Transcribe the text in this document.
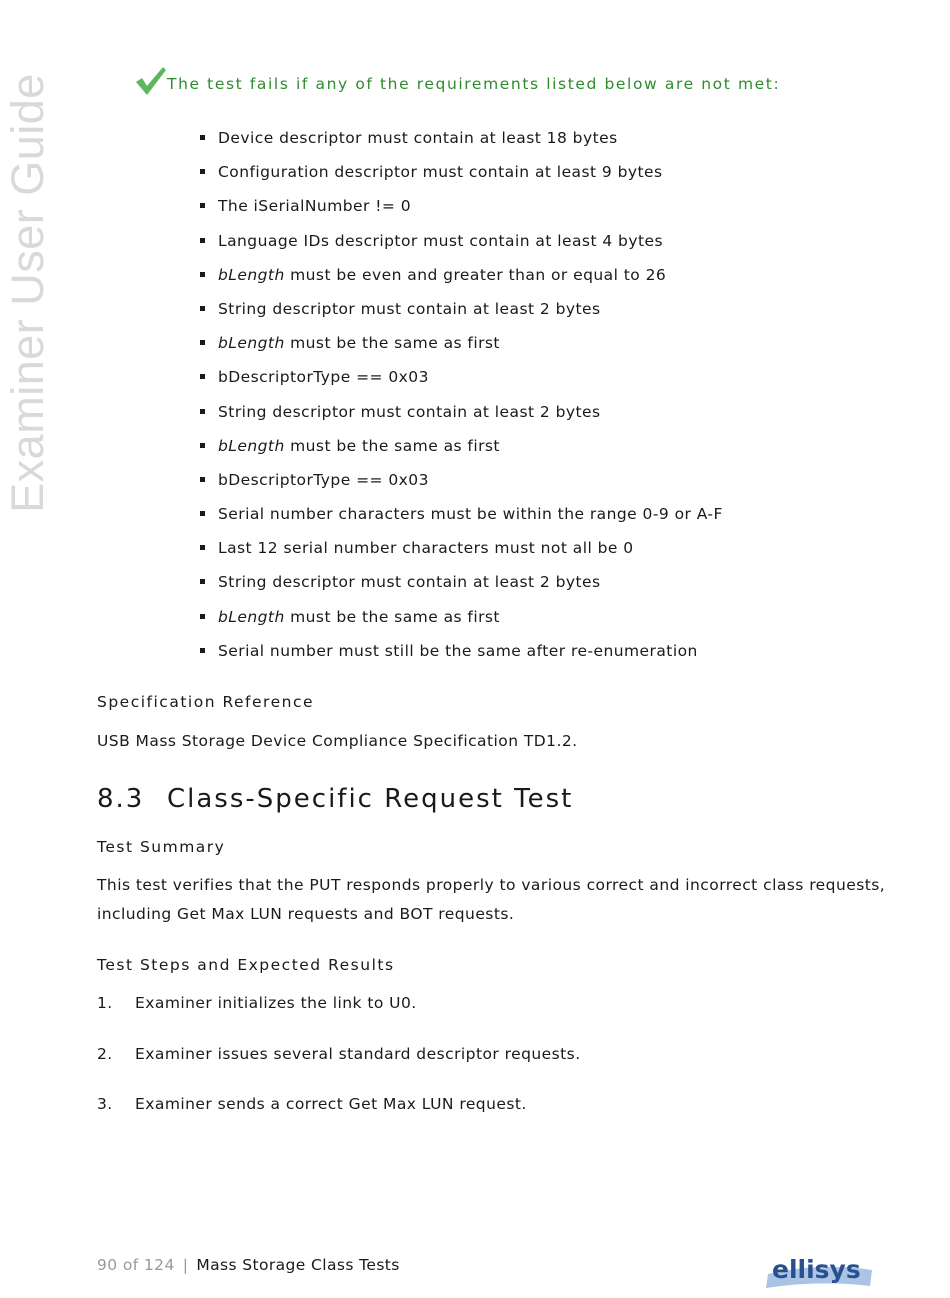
Examiner User Guide	The test fails if any of the requirements listed below are not met:
Device descriptor must contain at least 18 bytes
Configuration descriptor must contain at least 9 bytes
The iSerialNumber != 0
Language IDs descriptor must contain at least 4 bytes
bLength must be even and greater than or equal to 26
String descriptor must contain at least 2 bytes
bLength must be the same as first
bDescriptorType == 0x03
String descriptor must contain at least 2 bytes
bLength must be the same as first
bDescriptorType == 0x03
Serial number characters must be within the range 0-9 or A-F
Last 12 serial number characters must not all be 0
String descriptor must contain at least 2 bytes
bLength must be the same as first
Serial number must still be the same after re-enumeration
Specification Reference
USB Mass Storage Device Compliance Specification TD1.2.
8.3 Class-Specific Request Test
Test Summary
This test verifies that the PUT responds properly to various correct and incorrect class requests,
including Get Max LUN requests and BOT requests.
Test Steps and Expected Results
1. Examiner initializes the link to U0.
2. Examiner issues several standard descriptor requests.
3. Examiner sends a correct Get Max LUN request.
90 of 124 | Mass Storage Class Tests	ellisys
